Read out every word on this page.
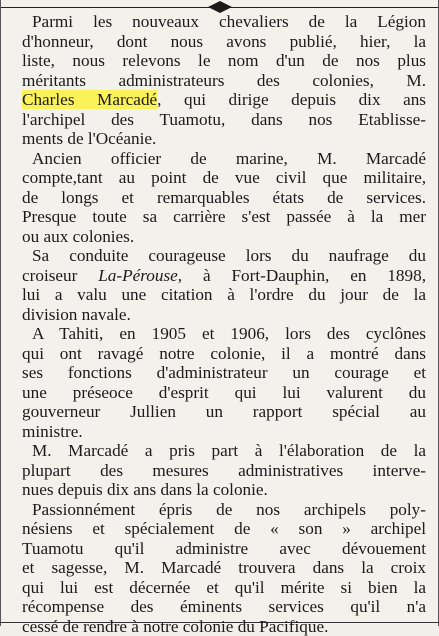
Parmi les nouveaux chevaliers de la Légion
d'honneur, dont nous avons publié, hier, la
liste, nous relevons le nom d'un de nos plus
méritants administrateurs des colonies, M.
Charles Marcadé, qui dirige depuis dix ans
l'archipel des Tuamotu, dans nos Etablisse-
ments de l'Océanie.
Ancien officier de marine, M. Marcadé
compte,tant au point de vue civil que militaire,
de longs et remarquables états de services.
Presque toute sa carrière s'est passée à la mer
ou aux colonies.
Sa conduite courageuse lors du naufrage du
croiseur La-Pérouse, à Fort-Dauphin, en 1898,
lui a valu une citation à l'ordre du jour de la
division navale.
A Tahiti, en 1905 et 1906, lors des cyclônes
qui ont ravagé notre colonie, il a montré dans
ses fonctions d'administrateur un courage et
une préseoce d'esprit qui lui valurent du
gouverneur Jullien un rapport spécial au
ministre.
M. Marcadé a pris part à l'élaboration de la
plupart des mesures administratives interve-
nues depuis dix ans dans la colonie.
Passionnément épris de nos archipels poly-
nésiens et spécialement de « son » archipel
Tuamotu qu'il administre avec dévouement
et sagesse, M. Marcadé trouvera dans la croix
qui lui est décernée et qu'il mérite si bien la
récompense des éminents services qu'il n'a
cessé de rendre à notre colonie du Pacifique.
